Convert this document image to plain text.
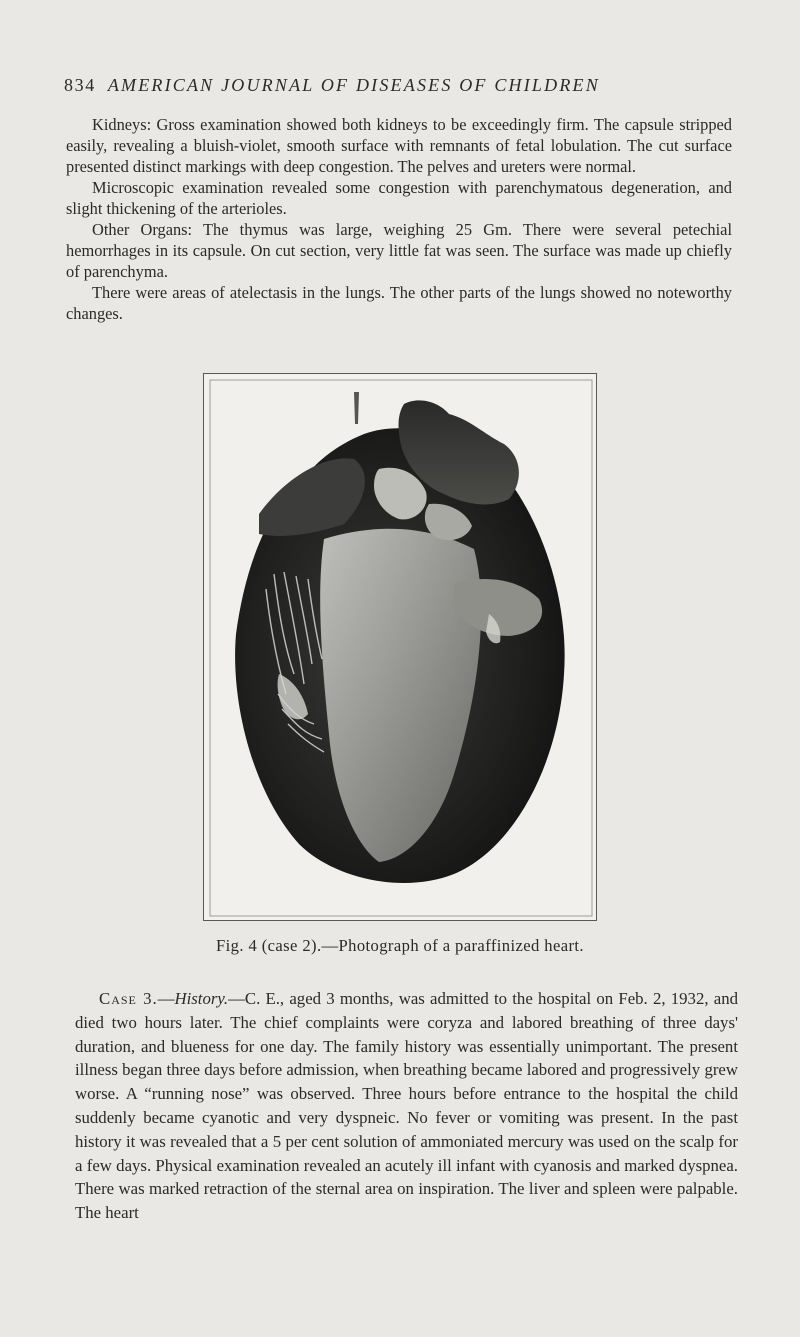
834 AMERICAN JOURNAL OF DISEASES OF CHILDREN

Kidneys: Gross examination showed both kidneys to be exceedingly firm. The capsule stripped easily, revealing a bluish-violet, smooth surface with remnants of fetal lobulation. The cut surface presented distinct markings with deep congestion. The pelves and ureters were normal.

Microscopic examination revealed some congestion with parenchymatous degeneration, and slight thickening of the arterioles.

Other Organs: The thymus was large, weighing 25 Gm. There were several petechial hemorrhages in its capsule. On cut section, very little fat was seen. The surface was made up chiefly of parenchyma.

There were areas of atelectasis in the lungs. The other parts of the lungs showed no noteworthy changes.

Fig. 4 (case 2).—Photograph of a paraffinized heart.

Case 3.—History.—C. E., aged 3 months, was admitted to the hospital on Feb. 2, 1932, and died two hours later. The chief complaints were coryza and labored breathing of three days' duration, and blueness for one day. The family history was essentially unimportant. The present illness began three days before admission, when breathing became labored and progressively grew worse. A “running nose” was observed. Three hours before entrance to the hospital the child suddenly became cyanotic and very dyspneic. No fever or vomiting was present. In the past history it was revealed that a 5 per cent solution of ammoniated mercury was used on the scalp for a few days. Physical examination revealed an acutely ill infant with cyanosis and marked dyspnea. There was marked retraction of the sternal area on inspiration. The liver and spleen were palpable. The heart
